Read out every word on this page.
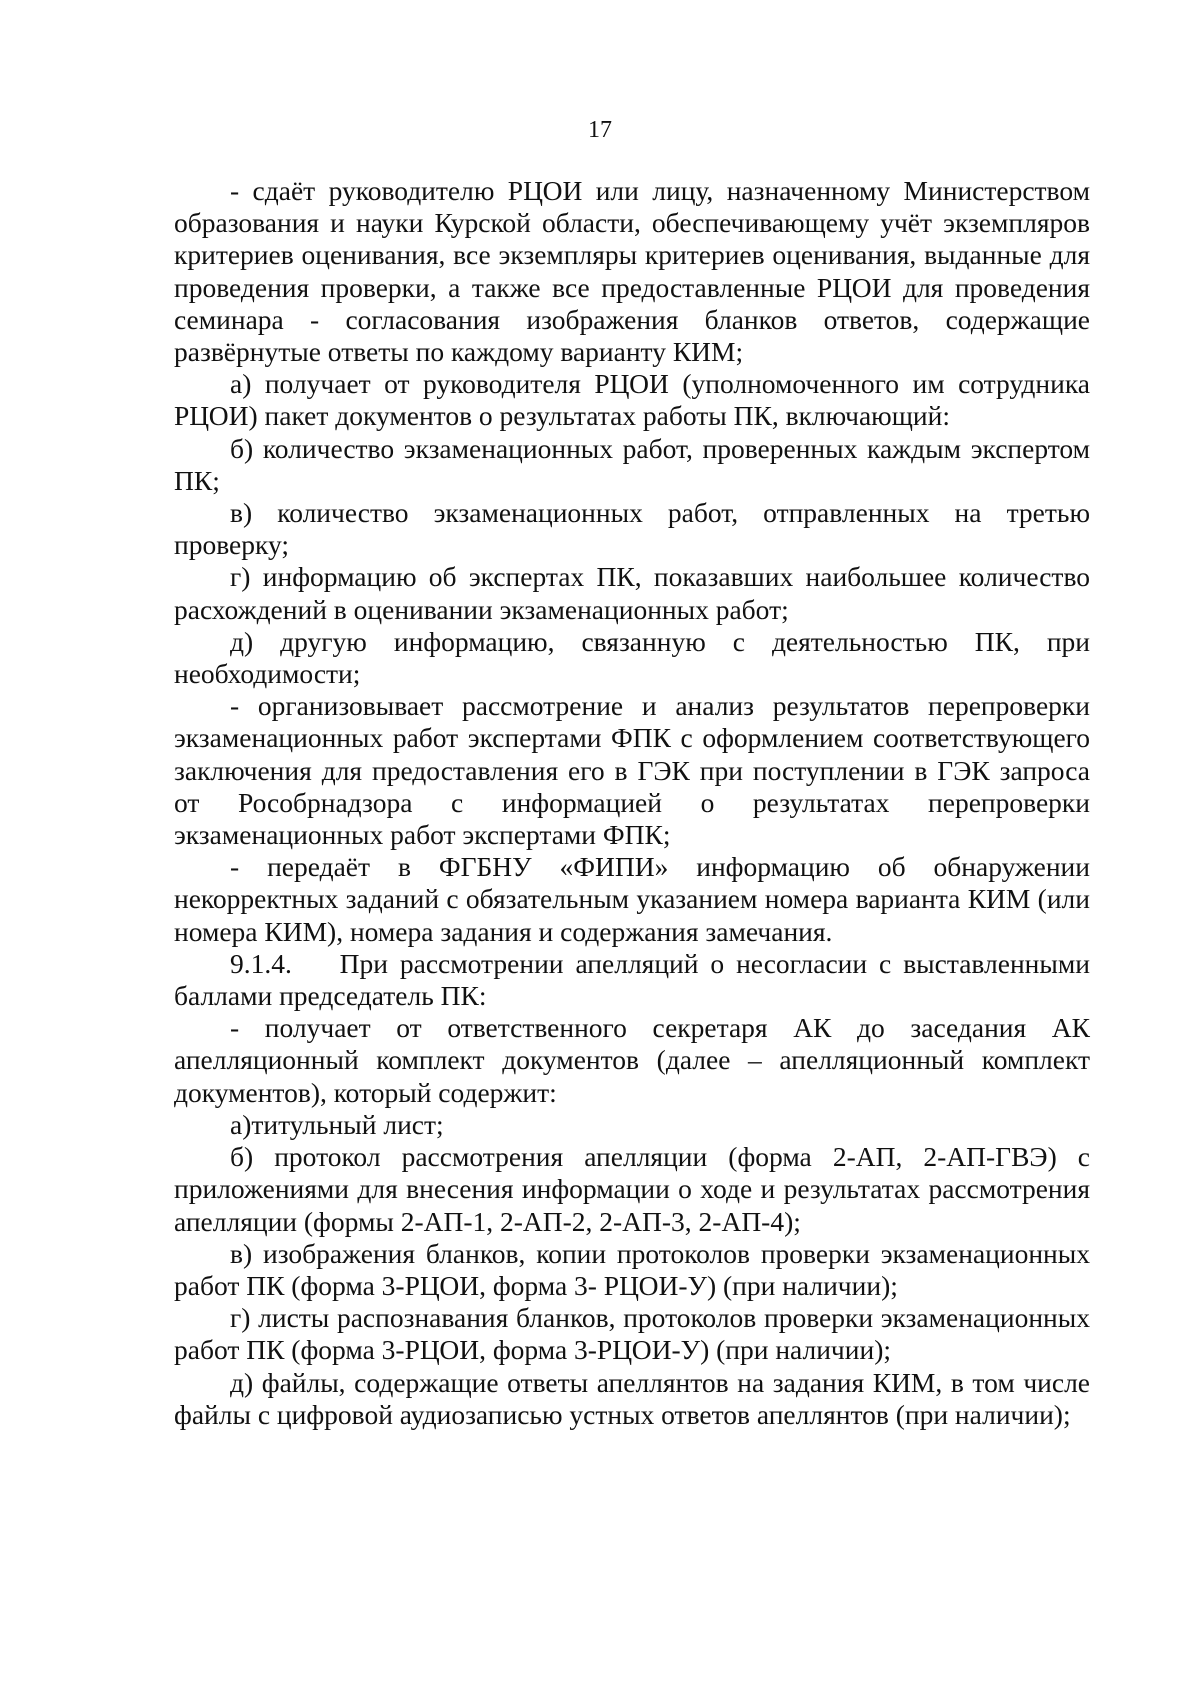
17

- сдаёт руководителю РЦОИ или лицу, назначенному Министерством образования и науки Курской области, обеспечивающему учёт экземпляров критериев оценивания, все экземпляры критериев оценивания, выданные для проведения проверки, а также все предоставленные РЦОИ для проведения семинара - согласования изображения бланков ответов, содержащие развёрнутые ответы по каждому варианту КИМ;

а) получает от руководителя РЦОИ (уполномоченного им сотрудника РЦОИ) пакет документов о результатах работы ПК, включающий:

б) количество экзаменационных работ, проверенных каждым экспертом ПК;

в) количество экзаменационных работ, отправленных на третью проверку;

г) информацию об экспертах ПК, показавших наибольшее количество расхождений в оценивании экзаменационных работ;

д) другую информацию, связанную с деятельностью ПК, при необходимости;

- организовывает рассмотрение и анализ результатов перепроверки экзаменационных работ экспертами ФПК с оформлением соответствующего заключения для предоставления его в ГЭК при поступлении в ГЭК запроса от Рособрнадзора с информацией о результатах перепроверки экзаменационных работ экспертами ФПК;

- передаёт в ФГБНУ «ФИПИ» информацию об обнаружении некорректных заданий с обязательным указанием номера варианта КИМ (или номера КИМ), номера задания и содержания замечания.

9.1.4.    При рассмотрении апелляций о несогласии с выставленными баллами председатель ПК:

- получает от ответственного секретаря АК до заседания АК апелляционный комплект документов (далее – апелляционный комплект документов), который содержит:

а)титульный лист;

б) протокол рассмотрения апелляции (форма 2-АП, 2-АП-ГВЭ) с приложениями для внесения информации о ходе и результатах рассмотрения апелляции (формы 2-АП-1, 2-АП-2, 2-АП-3, 2-АП-4);

в) изображения бланков, копии протоколов проверки экзаменационных работ ПК (форма 3-РЦОИ, форма 3- РЦОИ-У) (при наличии);

г) листы распознавания бланков, протоколов проверки экзаменационных работ ПК (форма 3-РЦОИ, форма 3-РЦОИ-У) (при наличии);

д) файлы, содержащие ответы апеллянтов на задания КИМ, в том числе файлы с цифровой аудиозаписью устных ответов апеллянтов (при наличии);
